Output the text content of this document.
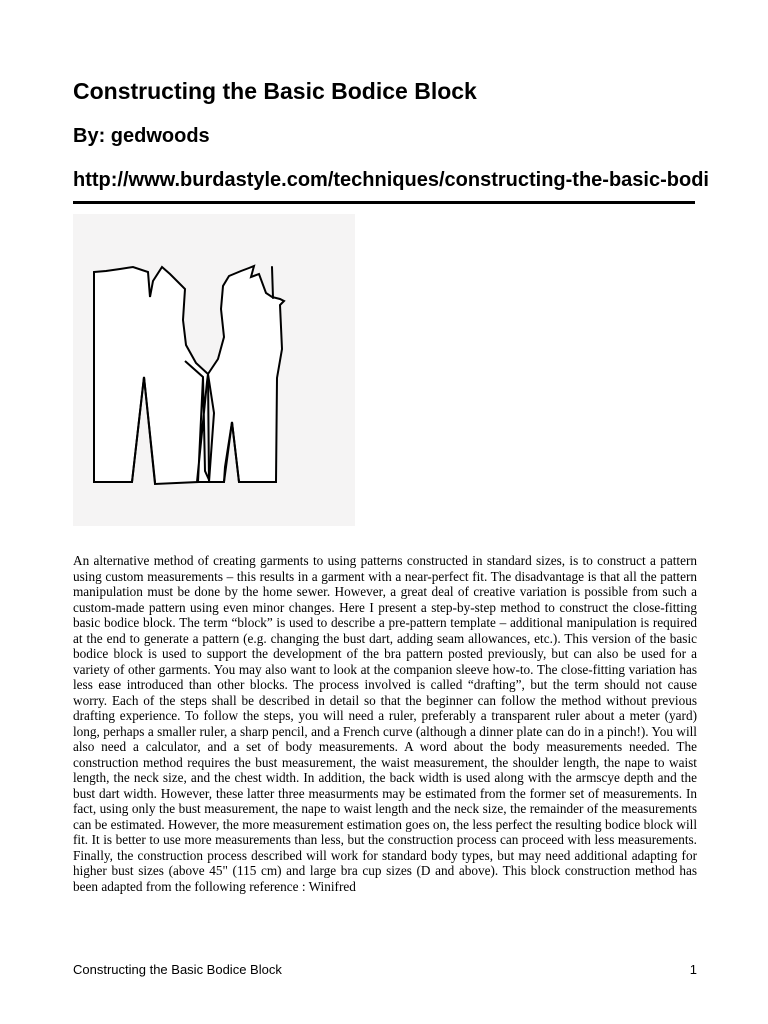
Constructing the Basic Bodice Block
By: gedwoods
http://www.burdastyle.com/techniques/constructing-the-basic-bodi

An alternative method of creating garments to using patterns constructed in standard sizes, is to construct a pattern using custom measurements – this results in a garment with a near-perfect fit. The disadvantage is that all the pattern manipulation must be done by the home sewer. However, a great deal of creative variation is possible from such a custom-made pattern using even minor changes. Here I present a step-by-step method to construct the close-fitting basic bodice block. The term “block” is used to describe a pre-pattern template – additional manipulation is required at the end to generate a pattern (e.g. changing the bust dart, adding seam allowances, etc.). This version of the basic bodice block is used to support the development of the bra pattern posted previously, but can also be used for a variety of other garments. You may also want to look at the companion sleeve how-to. The close-fitting variation has less ease introduced than other blocks. The process involved is called “drafting”, but the term should not cause worry. Each of the steps shall be described in detail so that the beginner can follow the method without previous drafting experience. To follow the steps, you will need a ruler, preferably a transparent ruler about a meter (yard) long, perhaps a smaller ruler, a sharp pencil, and a French curve (although a dinner plate can do in a pinch!). You will also need a calculator, and a set of body measurements. A word about the body measurements needed. The construction method requires the bust measurement, the waist measurement, the shoulder length, the nape to waist length, the neck size, and the chest width. In addition, the back width is used along with the armscye depth and the bust dart width. However, these latter three measurments may be estimated from the former set of measurements. In fact, using only the bust measurement, the nape to waist length and the neck size, the remainder of the measurements can be estimated. However, the more measurement estimation goes on, the less perfect the resulting bodice block will fit. It is better to use more measurements than less, but the construction process can proceed with less measurements. Finally, the construction process described will work for standard body types, but may need additional adapting for higher bust sizes (above 45" (115 cm) and large bra cup sizes (D and above). This block construction method has been adapted from the following reference : Winifred

Constructing the Basic Bodice Block	1
